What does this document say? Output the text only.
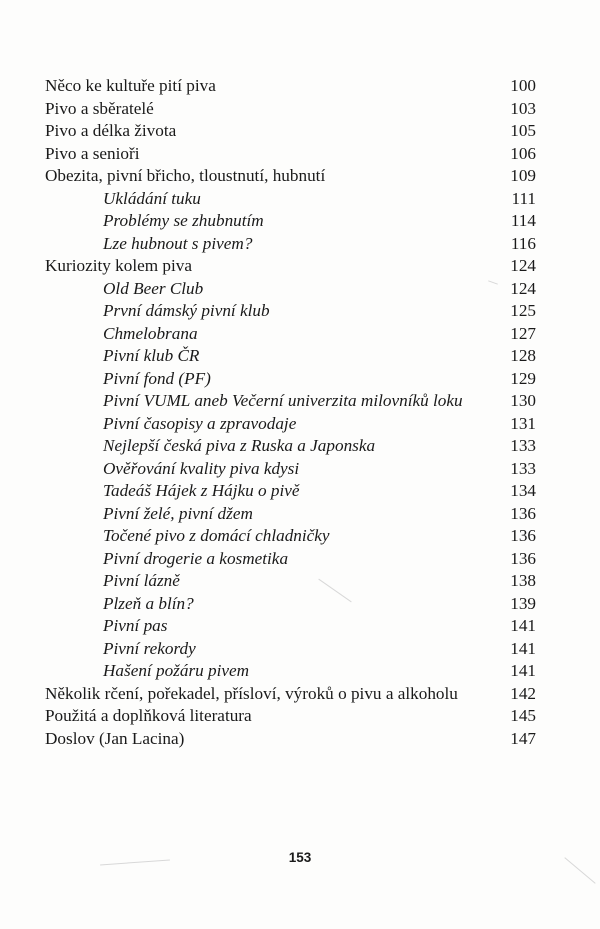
Něco ke kultuře pití piva	100
Pivo a sběratelé	103
Pivo a délka života	105
Pivo a senioři	106
Obezita, pivní břicho, tloustnutí, hubnutí	109
Ukládání tuku	111
Problémy se zhubnutím	114
Lze hubnout s pivem?	116
Kuriozity kolem piva	124
Old Beer Club	124
První dámský pivní klub	125
Chmelobrana	127
Pivní klub ČR	128
Pivní fond (PF)	129
Pivní VUML aneb Večerní univerzita milovníků loku	130
Pivní časopisy a zpravodaje	131
Nejlepší česká piva z Ruska a Japonska	133
Ověřování kvality piva kdysi	133
Tadeáš Hájek z Hájku o pivě	134
Pivní želé, pivní džem	136
Točené pivo z domácí chladničky	136
Pivní drogerie a kosmetika	136
Pivní lázně	138
Plzeň a blín?	139
Pivní pas	141
Pivní rekordy	141
Hašení požáru pivem	141
Několik rčení, pořekadel, přísloví, výroků o pivu a alkoholu	142
Použitá a doplňková literatura	145
Doslov (Jan Lacina)	147
153
